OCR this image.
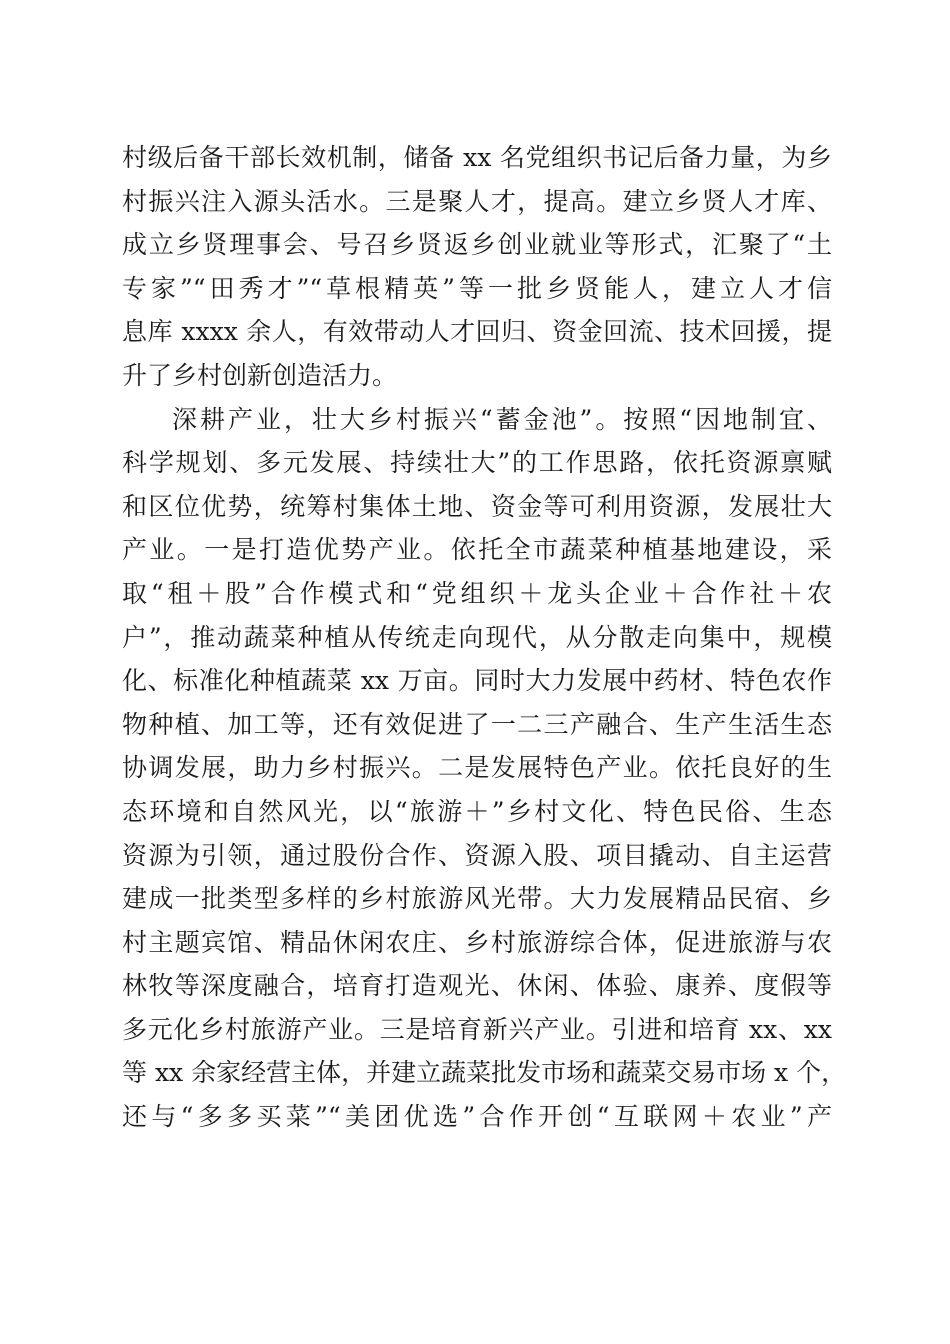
村级后备干部长效机制，储备 xx 名党组织书记后备力量，为乡
村振兴注入源头活水。三是聚人才，提高。建立乡贤人才库、
成立乡贤理事会、号召乡贤返乡创业就业等形式，汇聚了“土
专家”“田秀才”“草根精英”等一批乡贤能人，建立人才信
息库 xxxx 余人，有效带动人才回归、资金回流、技术回援，提
升了乡村创新创造活力。
深耕产业，壮大乡村振兴“蓄金池”。按照“因地制宜、
科学规划、多元发展、持续壮大”的工作思路，依托资源禀赋
和区位优势，统筹村集体土地、资金等可利用资源，发展壮大
产业。一是打造优势产业。依托全市蔬菜种植基地建设，采
取“租＋股”合作模式和“党组织＋龙头企业＋合作社＋农
户”，推动蔬菜种植从传统走向现代，从分散走向集中，规模
化、标准化种植蔬菜 xx 万亩。同时大力发展中药材、特色农作
物种植、加工等，还有效促进了一二三产融合、生产生活生态
协调发展，助力乡村振兴。二是发展特色产业。依托良好的生
态环境和自然风光，以“旅游＋”乡村文化、特色民俗、生态
资源为引领，通过股份合作、资源入股、项目撬动、自主运营
建成一批类型多样的乡村旅游风光带。大力发展精品民宿、乡
村主题宾馆、精品休闲农庄、乡村旅游综合体，促进旅游与农
林牧等深度融合，培育打造观光、休闲、体验、康养、度假等
多元化乡村旅游产业。三是培育新兴产业。引进和培育 xx、xx
等 xx 余家经营主体，并建立蔬菜批发市场和蔬菜交易市场 x 个，
还与“多多买菜”“美团优选”合作开创“互联网＋农业”产
